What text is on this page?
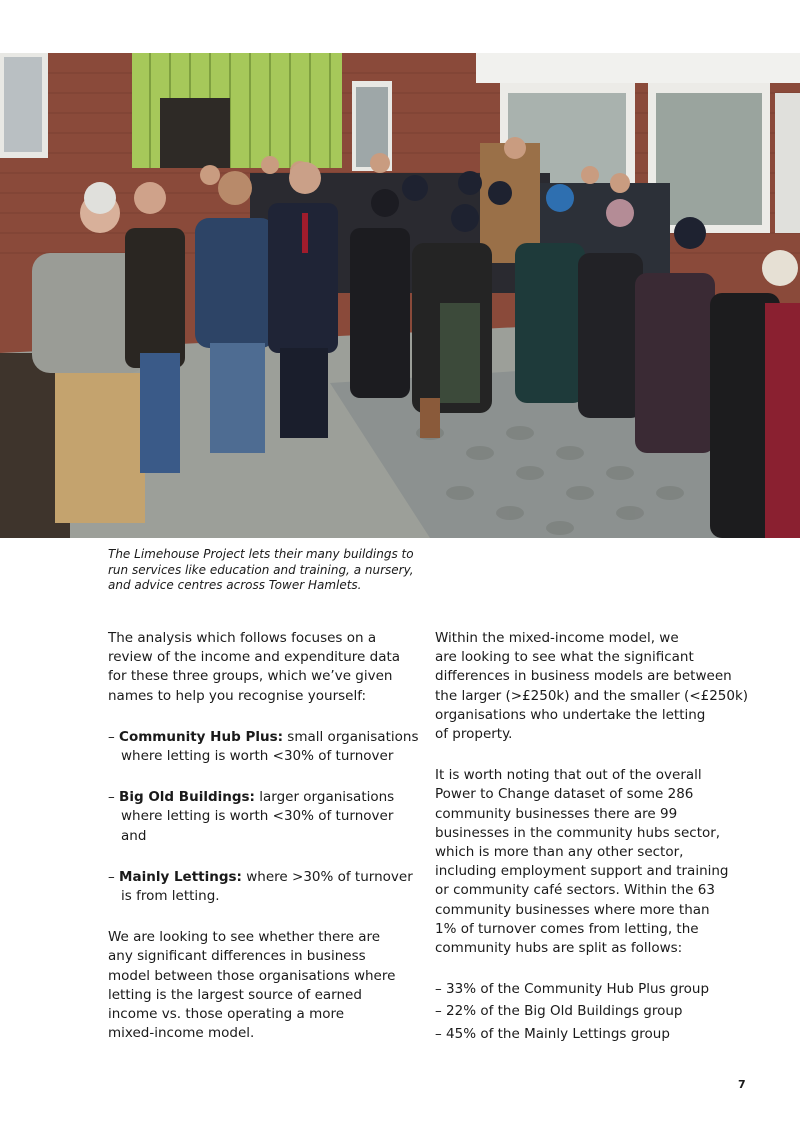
The Limehouse Project lets their many buildings to
run services like education and training, a nursery,
and advice centres across Tower Hamlets.

The analysis which follows focuses on a
review of the income and expenditure data
for these three groups, which we’ve given
names to help you recognise yourself:

– Community Hub Plus: small organisations
where letting is worth <30% of turnover

– Big Old Buildings: larger organisations
where letting is worth <30% of turnover
and

– Mainly Lettings: where >30% of turnover
is from letting.

We are looking to see whether there are
any significant differences in business
model between those organisations where
letting is the largest source of earned
income vs. those operating a more
mixed-income model.

Within the mixed-income model, we
are looking to see what the significant
differences in business models are between
the larger (>£250k) and the smaller (<£250k)
organisations who undertake the letting
of property.

It is worth noting that out of the overall
Power to Change dataset of some 286
community businesses there are 99
businesses in the community hubs sector,
which is more than any other sector,
including employment support and training
or community café sectors. Within the 63
community businesses where more than
1% of turnover comes from letting, the
community hubs are split as follows:

– 33% of the Community Hub Plus group
– 22% of the Big Old Buildings group
– 45% of the Mainly Lettings group
7
